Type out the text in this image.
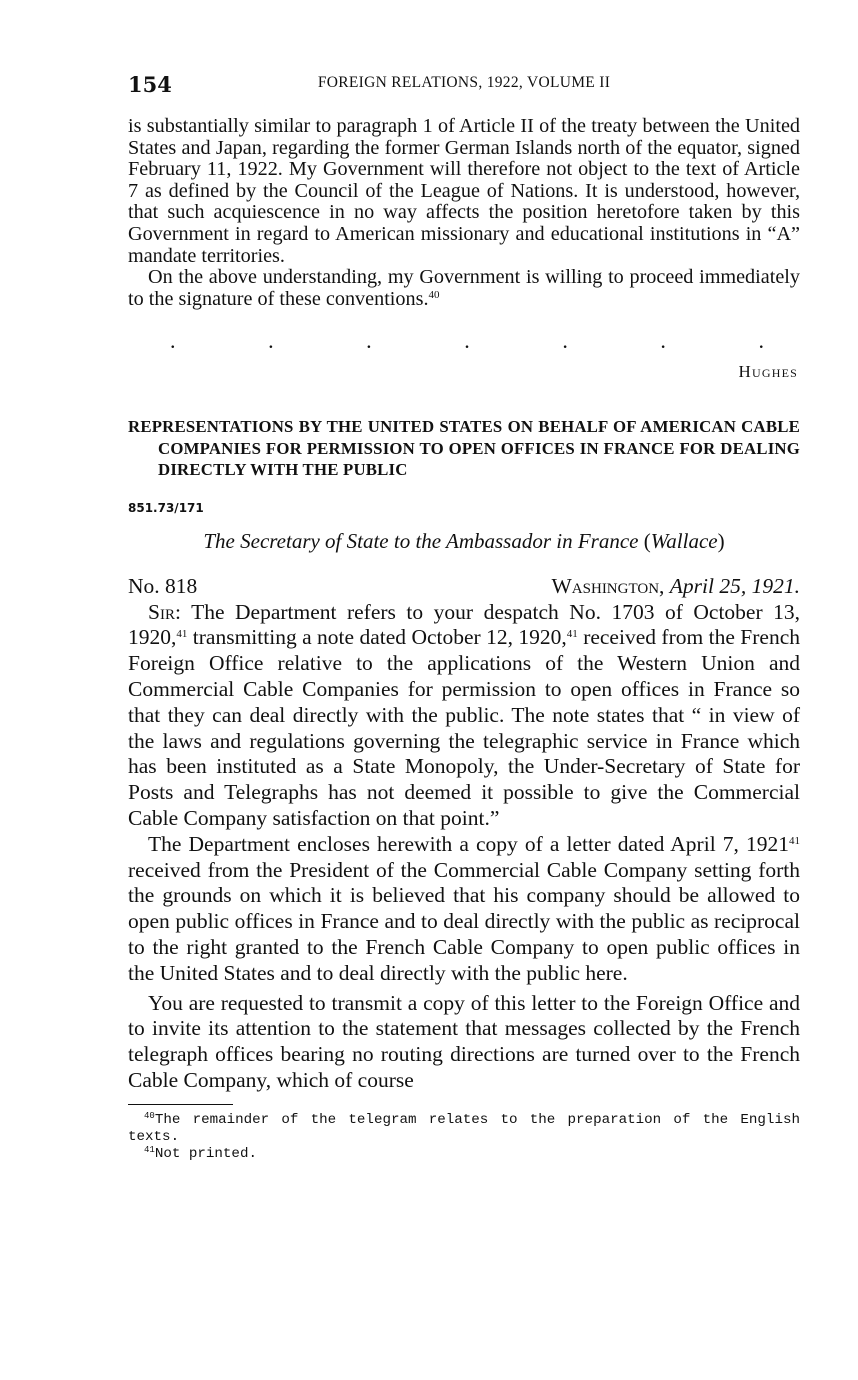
154	FOREIGN RELATIONS, 1922, VOLUME II

is substantially similar to paragraph 1 of Article II of the treaty between the United States and Japan, regarding the former German Islands north of the equator, signed February 11, 1922. My Government will therefore not object to the text of Article 7 as defined by the Council of the League of Nations. It is understood, however, that such acquiescence in no way affects the position heretofore taken by this Government in regard to American missionary and educational institutions in “A” mandate territories.

On the above understanding, my Government is willing to proceed immediately to the signature of these conventions.$^{40}$

.	.	.	.	.	.	.
Hughes
REPRESENTATIONS BY THE UNITED STATES ON BEHALF OF AMERICAN CABLE COMPANIES FOR PERMISSION TO OPEN OFFICES IN FRANCE FOR DEALING DIRECTLY WITH THE PUBLIC
851.73/171
The Secretary of State to the Ambassador in France (Wallace)
No. 818	Washington, April 25, 1921.

Sir: The Department refers to your despatch No. 1703 of October 13, 1920,41 transmitting a note dated October 12, 1920,41 received from the French Foreign Office relative to the applications of the Western Union and Commercial Cable Companies for permission to open offices in France so that they can deal directly with the public. The note states that “ in view of the laws and regulations governing the telegraphic service in France which has been instituted as a State Monopoly, the Under-Secretary of State for Posts and Telegraphs has not deemed it possible to give the Commercial Cable Company satisfaction on that point.”

The Department encloses herewith a copy of a letter dated April 7, 1921$^{41}$ received from the President of the Commercial Cable Company setting forth the grounds on which it is believed that his company should be allowed to open public offices in France and to deal directly with the public as reciprocal to the right granted to the French Cable Company to open public offices in the United States and to deal directly with the public here.

You are requested to transmit a copy of this letter to the Foreign Office and to invite its attention to the statement that messages collected by the French telegraph offices bearing no routing directions are turned over to the French Cable Company, which of course

$^{40}$The remainder of the telegram relates to the preparation of the English texts.

$^{41}$Not printed.
